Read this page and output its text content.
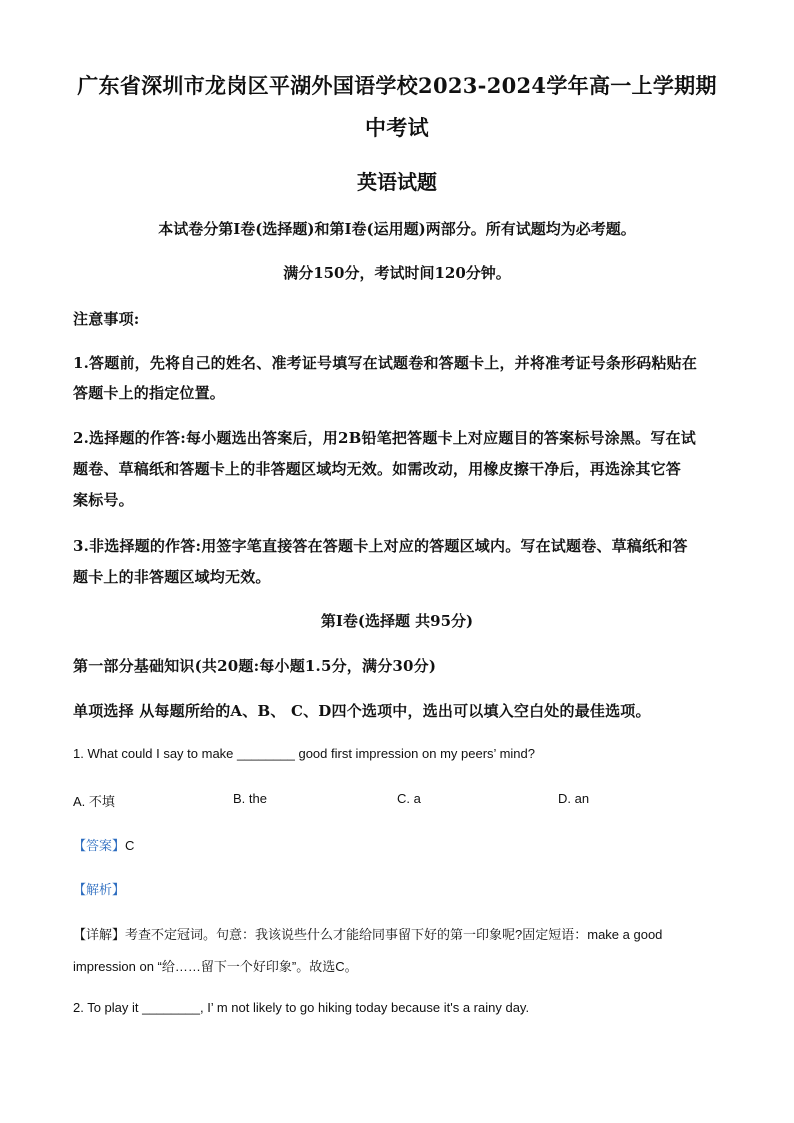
广东省深圳市龙岗区平湖外国语学校2023-2024学年高一上学期期
中考试
英语试题
本试卷分第Ⅰ卷(选择题)和第Ⅰ卷(运用题)两部分。所有试题均为必考题。
满分150分，考试时间120分钟。
注意事项:
1.答题前，先将自己的姓名、准考证号填写在试题卷和答题卡上，并将准考证号条形码粘贴在
答题卡上的指定位置。
2.选择题的作答:每小题选出答案后，用2B铅笔把答题卡上对应题目的答案标号涂黑。写在试
题卷、草稿纸和答题卡上的非答题区域均无效。如需改动，用橡皮擦干净后，再选涂其它答
案标号。
3.非选择题的作答:用签字笔直接答在答题卡上对应的答题区域内。写在试题卷、草稿纸和答
题卡上的非答题区域均无效。
第Ⅰ卷(选择题 共95分)
第一部分基础知识(共20题:每小题1.5分，满分30分)
单项选择 从每题所给的A、B、 C、D四个选项中，选出可以填入空白处的最佳选项。
1. What could I say to make ________ good first impression on my peers’ mind?
A. 不填	B. the	C. a	D. an
【答案】C
【解析】
【详解】考查不定冠词。句意：我该说些什么才能给同事留下好的第一印象呢?固定短语：make a good
impression on “给……留下一个好印象”。故选C。
2. To play it ________, I’ m not likely to go hiking today because it's a rainy day.
